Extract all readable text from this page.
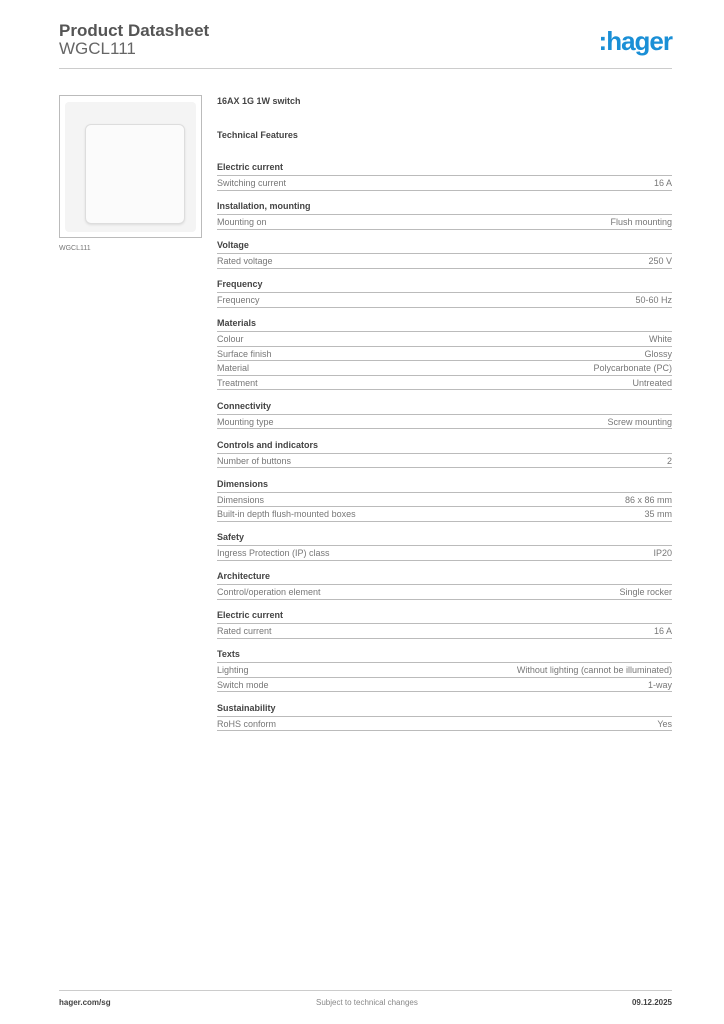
Product Datasheet
WGCL111	:hager
WGCL111
16AX 1G 1W switch
Technical Features
Electric current
Switching current	16 A
Installation, mounting
Mounting on	Flush mounting
Voltage
Rated voltage	250 V
Frequency
Frequency	50-60 Hz
Materials
Colour	White
Surface finish	Glossy
Material	Polycarbonate (PC)
Treatment	Untreated
Connectivity
Mounting type	Screw mounting
Controls and indicators
Number of buttons	2
Dimensions
Dimensions	86 x 86 mm
Built-in depth flush-mounted boxes	35 mm
Safety
Ingress Protection (IP) class	IP20
Architecture
Control/operation element	Single rocker
Electric current
Rated current	16 A
Texts
Lighting	Without lighting (cannot be illuminated)
Switch mode	1-way
Sustainability
RoHS conform	Yes
hager.com/sg	Subject to technical changes	09.12.2025
